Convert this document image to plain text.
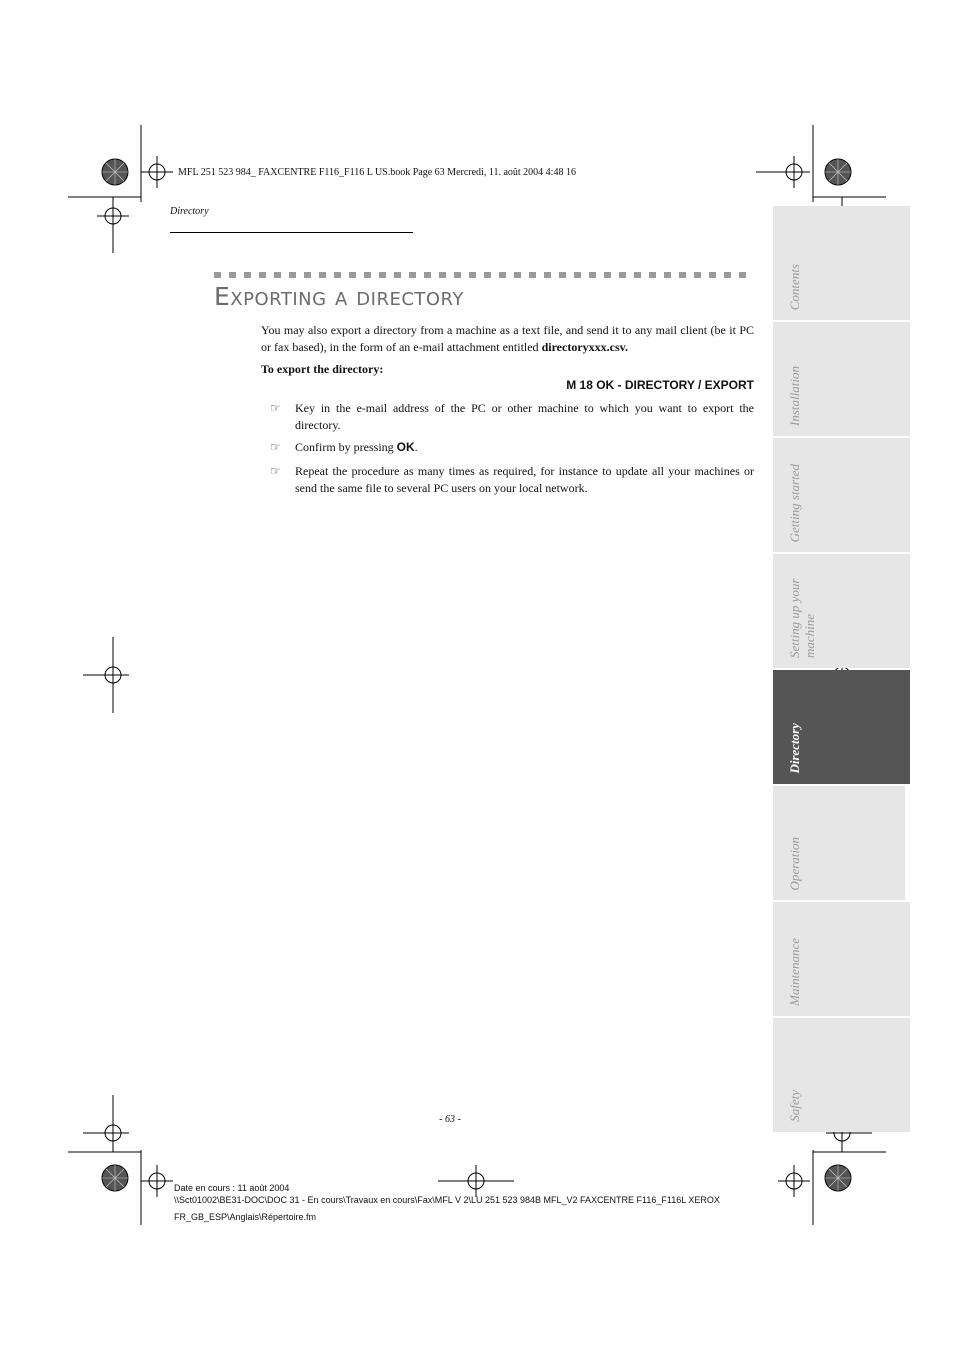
MFL 251 523 984_ FAXCENTRE F116_F116 L US.book Page 63 Mercredi, 11. août 2004 4:48 16
Directory
Exporting a directory
You may also export a directory from a machine as a text file, and send it to any mail client (be it PC or fax based), in the form of an e-mail attachment entitled directoryxxx.csv.
To export the directory:
M 18 OK - DIRECTORY / EXPORT
☞	Key in the e-mail address of the PC or other machine to which you want to export the directory.
☞	Confirm by pressing OK.
☞	Repeat the procedure as many times as required, for instance to update all your machines or send the same file to several PC users on your local network.
Contents
Installation
Getting started
Setting up your machine
Directory
Operation
Maintenance
Safety
- 63 -
Date en cours : 11 août 2004
\\Sct01002\BE31-DOC\DOC 31 - En cours\Travaux en cours\Fax\MFL V 2\LU 251 523 984B MFL_V2 FAXCENTRE F116_F116L XEROX
FR_GB_ESP\Anglais\Répertoire.fm
